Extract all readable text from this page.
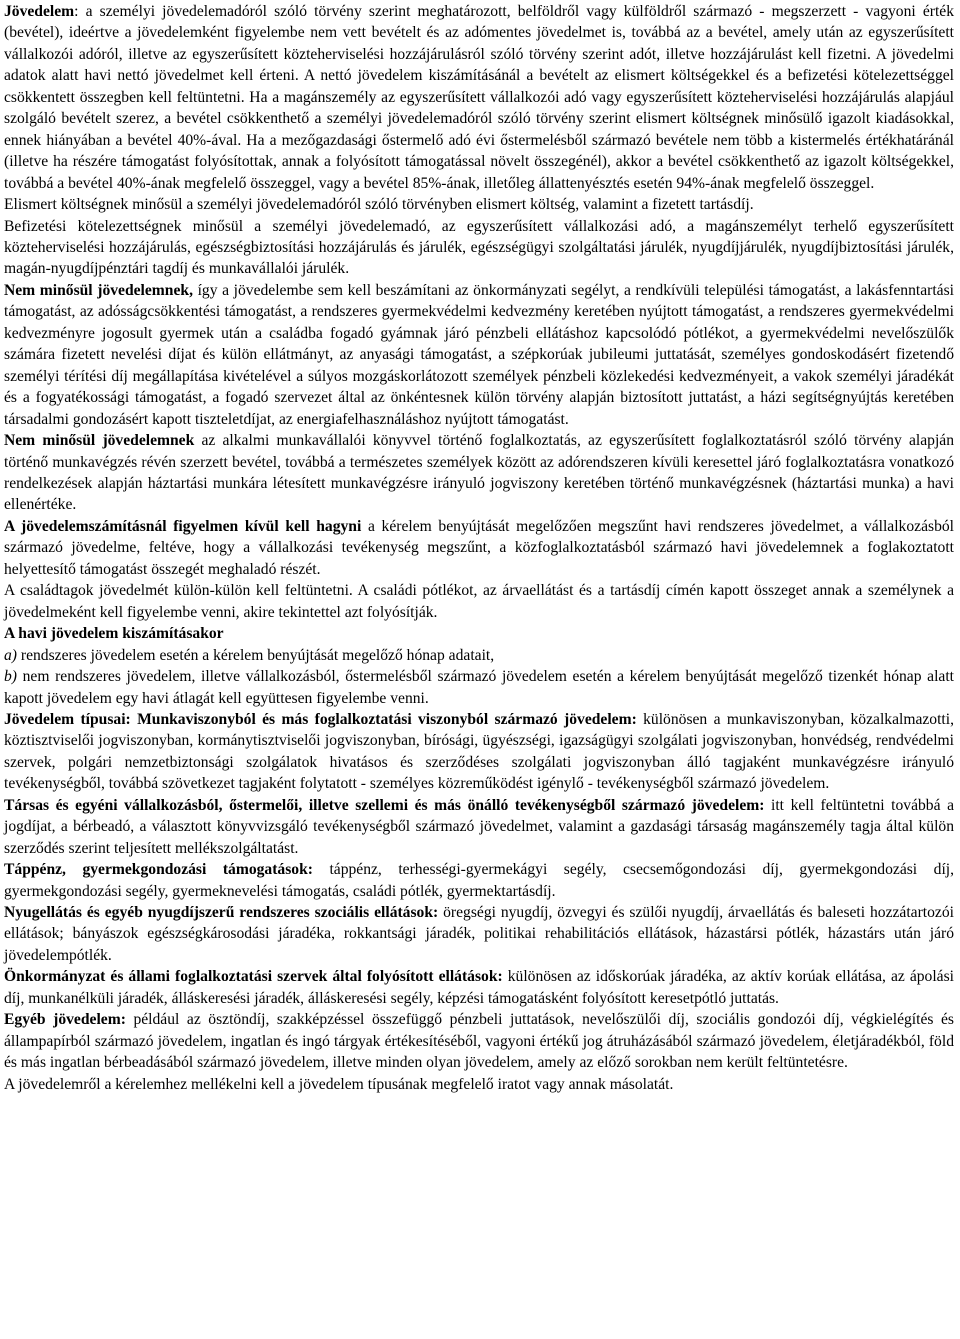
Jövedelem: a személyi jövedelemadóról szóló törvény szerint meghatározott, belföldről vagy külföldről származó - megszerzett - vagyoni érték (bevétel), ideértve a jövedelemként figyelembe nem vett bevételt és az adómentes jövedelmet is, továbbá az a bevétel, amely után az egyszerűsített vállalkozói adóról, illetve az egyszerűsített közteherviselési hozzájárulásról szóló törvény szerint adót, illetve hozzájárulást kell fizetni. A jövedelmi adatok alatt havi nettó jövedelmet kell érteni. A nettó jövedelem kiszámításánál a bevételt az elismert költségekkel és a befizetési kötelezettséggel csökkentett összegben kell feltüntetni. Ha a magánszemély az egyszerűsített vállalkozói adó vagy egyszerűsített közteherviselési hozzájárulás alapjául szolgáló bevételt szerez, a bevétel csökkenthető a személyi jövedelemadóról szóló törvény szerint elismert költségnek minősülő igazolt kiadásokkal, ennek hiányában a bevétel 40%-ával. Ha a mezőgazdasági őstermelő adó évi őstermelésből származó bevétele nem több a kistermelés értékhatáránál (illetve ha részére támogatást folyósítottak, annak a folyósított támogatással növelt összegénél), akkor a bevétel csökkenthető az igazolt költségekkel, továbbá a bevétel 40%-ának megfelelő összeggel, vagy a bevétel 85%-ának, illetőleg állattenyésztés esetén 94%-ának megfelelő összeggel.

Elismert költségnek minősül a személyi jövedelemadóról szóló törvényben elismert költség, valamint a fizetett tartásdíj.

Befizetési kötelezettségnek minősül a személyi jövedelemadó, az egyszerűsített vállalkozási adó, a magánszemélyt terhelő egyszerűsített közteherviselési hozzájárulás, egészségbiztosítási hozzájárulás és járulék, egészségügyi szolgáltatási járulék, nyugdíjjárulék, nyugdíjbiztosítási járulék, magán-nyugdíjpénztári tagdíj és munkavállalói járulék.

Nem minősül jövedelemnek, így a jövedelembe sem kell beszámítani az önkormányzati segélyt, a rendkívüli települési támogatást, a lakásfenntartási támogatást, az adósságcsökkentési támogatást, a rendszeres gyermekvédelmi kedvezmény keretében nyújtott támogatást, a rendszeres gyermekvédelmi kedvezményre jogosult gyermek után a családba fogadó gyámnak járó pénzbeli ellátáshoz kapcsolódó pótlékot, a gyermekvédelmi nevelőszülők számára fizetett nevelési díjat és külön ellátmányt, az anyasági támogatást, a szépkorúak jubileumi juttatását, személyes gondoskodásért fizetendő személyi térítési díj megállapítása kivételével a súlyos mozgáskorlátozott személyek pénzbeli közlekedési kedvezményeit, a vakok személyi járadékát és a fogyatékossági támogatást, a fogadó szervezet által az önkéntesnek külön törvény alapján biztosított juttatást, a házi segítségnyújtás keretében társadalmi gondozásért kapott tiszteletdíjat, az energiafelhasználáshoz nyújtott támogatást.

Nem minősül jövedelemnek az alkalmi munkavállalói könyvvel történő foglalkoztatás, az egyszerűsített foglalkoztatásról szóló törvény alapján történő munkavégzés révén szerzett bevétel, továbbá a természetes személyek között az adórendszeren kívüli keresettel járó foglalkoztatásra vonatkozó rendelkezések alapján háztartási munkára létesített munkavégzésre irányuló jogviszony keretében történő munkavégzésnek (háztartási munka) a havi ellenértéke.

A jövedelemszámításnál figyelmen kívül kell hagyni a kérelem benyújtását megelőzően megszűnt havi rendszeres jövedelmet, a vállalkozásból származó jövedelme, feltéve, hogy a vállalkozási tevékenység megszűnt, a közfoglalkoztatásból származó havi jövedelemnek a foglakoztatott helyettesítő támogatást összegét meghaladó részét.

A családtagok jövedelmét külön-külön kell feltüntetni. A családi pótlékot, az árvaellátást és a tartásdíj címén kapott összeget annak a személynek a jövedelmeként kell figyelembe venni, akire tekintettel azt folyósítják.

A havi jövedelem kiszámításakor

a) rendszeres jövedelem esetén a kérelem benyújtását megelőző hónap adatait,

b) nem rendszeres jövedelem, illetve vállalkozásból, őstermelésből származó jövedelem esetén a kérelem benyújtását megelőző tizenkét hónap alatt kapott jövedelem egy havi átlagát kell együttesen figyelembe venni.

Jövedelem típusai: Munkaviszonyból és más foglalkoztatási viszonyból származó jövedelem: különösen a munkaviszonyban, közalkalmazotti, köztisztviselői jogviszonyban, kormánytisztviselői jogviszonyban, bírósági, ügyészségi, igazságügyi szolgálati jogviszonyban, honvédség, rendvédelmi szervek, polgári nemzetbiztonsági szolgálatok hivatásos és szerződéses szolgálati jogviszonyban álló tagjaként munkavégzésre irányuló tevékenységből, továbbá szövetkezet tagjaként folytatott - személyes közreműködést igénylő - tevékenységből származó jövedelem.

Társas és egyéni vállalkozásból, őstermelői, illetve szellemi és más önálló tevékenységből származó jövedelem: itt kell feltüntetni továbbá a jogdíjat, a bérbeadó, a választott könyvvizsgáló tevékenységből származó jövedelmet, valamint a gazdasági társaság magánszemély tagja által külön szerződés szerint teljesített mellékszolgáltatást.

Táppénz, gyermekgondozási támogatások: táppénz, terhességi-gyermekágyi segély, csecsemőgondozási díj, gyermekgondozási díj, gyermekgondozási segély, gyermeknevelési támogatás, családi pótlék, gyermektartásdíj.

Nyugellátás és egyéb nyugdíjszerű rendszeres szociális ellátások: öregségi nyugdíj, özvegyi és szülői nyugdíj, árvaellátás és baleseti hozzátartozói ellátások; bányászok egészségkárosodási járadéka, rokkantsági járadék, politikai rehabilitációs ellátások, házastársi pótlék, házastárs után járó jövedelempótlék.

Önkormányzat és állami foglalkoztatási szervek által folyósított ellátások: különösen az időskorúak járadéka, az aktív korúak ellátása, az ápolási díj, munkanélküli járadék, álláskeresési járadék, álláskeresési segély, képzési támogatásként folyósított keresetpótló juttatás.

Egyéb jövedelem: például az ösztöndíj, szakképzéssel összefüggő pénzbeli juttatások, nevelőszülői díj, szociális gondozói díj, végkielégítés és állampapírból származó jövedelem, ingatlan és ingó tárgyak értékesítéséből, vagyoni értékű jog átruházásából származó jövedelem, életjáradékból, föld és más ingatlan bérbeadásából származó jövedelem, illetve minden olyan jövedelem, amely az előző sorokban nem került feltüntetésre.

A jövedelemről a kérelemhez mellékelni kell a jövedelem típusának megfelelő iratot vagy annak másolatát.
